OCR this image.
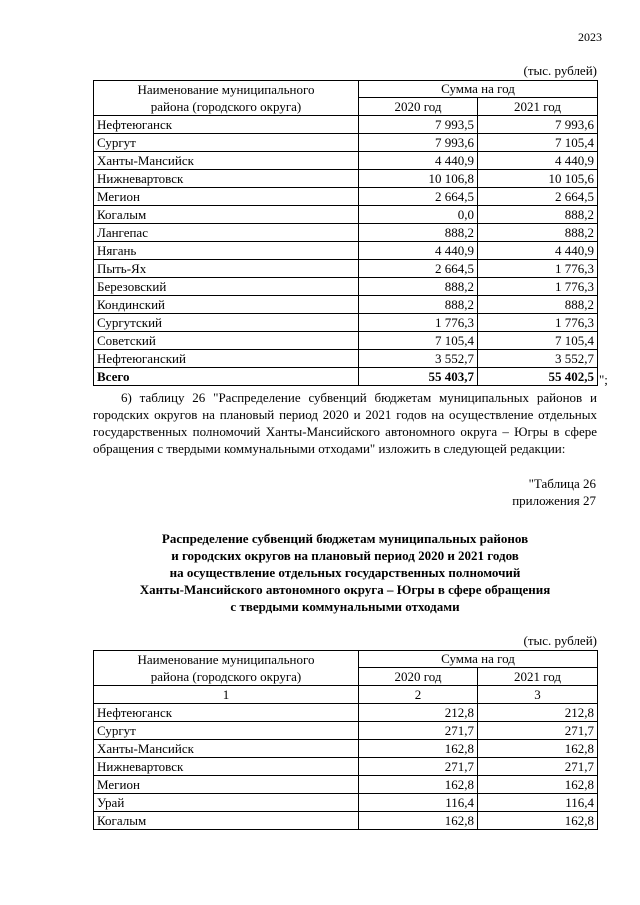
2023
(тыс. рублей)
Наименование муниципального
района (городского округа)	Сумма на год	
	2020 год	2021 год
Нефтеюганск	7 993,5	7 993,6
Сургут	7 993,6	7 105,4
Ханты-Мансийск	4 440,9	4 440,9
Нижневартовск	10 106,8	10 105,6
Мегион	2 664,5	2 664,5
Когалым	0,0	888,2
Лангепас	888,2	888,2
Нягань	4 440,9	4 440,9
Пыть-Ях	2 664,5	1 776,3
Березовский	888,2	1 776,3
Кондинский	888,2	888,2
Сургутский	1 776,3	1 776,3
Советский	7 105,4	7 105,4
Нефтеюганский	3 552,7	3 552,7
Всего	55 403,7	55 402,5 ";

6) таблицу 26 "Распределение субвенций бюджетам муниципальных районов и городских округов на плановый период 2020 и 2021 годов на осуществление отдельных государственных полномочий Ханты-Мансийского автономного округа – Югры в сфере обращения с твердыми коммунальными отходами" изложить в следующей редакции:

"Таблица 26
приложения 27
Распределение субвенций бюджетам муниципальных районов
и городских округов на плановый период 2020 и 2021 годов
на осуществление отдельных государственных полномочий
Ханты-Мансийского автономного округа – Югры в сфере обращения
с твердыми коммунальными отходами
(тыс. рублей)
Наименование муниципального
района (городского округа)	Сумма на год	
	2020 год	2021 год
1	2	3
Нефтеюганск	212,8	212,8
Сургут	271,7	271,7
Ханты-Мансийск	162,8	162,8
Нижневартовск	271,7	271,7
Мегион	162,8	162,8
Урай	116,4	116,4
Когалым	162,8	162,8
